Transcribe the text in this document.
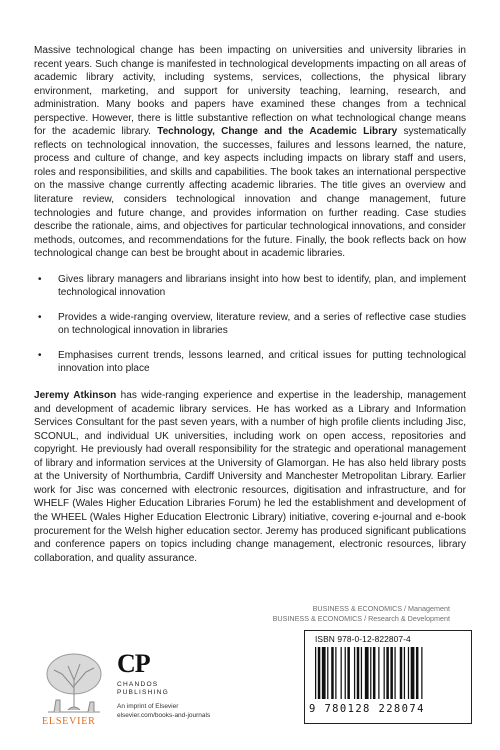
Massive technological change has been impacting on universities and university libraries in recent years. Such change is manifested in technological developments impacting on all areas of academic library activity, including systems, services, collections, the physical library environment, marketing, and support for university teaching, learning, research, and administration. Many books and papers have examined these changes from a technical perspective. However, there is little substantive reflection on what technological change means for the academic library. Technology, Change and the Academic Library systematically reflects on technological innovation, the successes, failures and lessons learned, the nature, process and culture of change, and key aspects including impacts on library staff and users, roles and responsibilities, and skills and capabilities. The book takes an international perspective on the massive change currently affecting academic libraries. The title gives an overview and literature review, considers technological innovation and change management, future technologies and future change, and provides information on further reading. Case studies describe the rationale, aims, and objectives for particular technological innovations, and consider methods, outcomes, and recommendations for the future. Finally, the book reflects back on how technological change can best be brought about in academic libraries.

• Gives library managers and librarians insight into how best to identify, plan, and implement technological innovation
• Provides a wide-ranging overview, literature review, and a series of reflective case studies on technological innovation in libraries
• Emphasises current trends, lessons learned, and critical issues for putting technological innovation into place

Jeremy Atkinson has wide-ranging experience and expertise in the leadership, management and development of academic library services. He has worked as a Library and Information Services Consultant for the past seven years, with a number of high profile clients including Jisc, SCONUL, and individual UK universities, including work on open access, repositories and copyright. He previously had overall responsibility for the strategic and operational management of library and information services at the University of Glamorgan. He has also held library posts at the University of Northumbria, Cardiff University and Manchester Metropolitan Library. Earlier work for Jisc was concerned with electronic resources, digitisation and infrastructure, and for WHELF (Wales Higher Education Libraries Forum) he led the establishment and development of the WHEEL (Wales Higher Education Electronic Library) initiative, covering e-journal and e-book procurement for the Welsh higher education sector. Jeremy has produced significant publications and conference papers on topics including change management, electronic resources, library collaboration, and quality assurance.

BUSINESS & ECONOMICS / Management
BUSINESS & ECONOMICS / Research & Development
ELSEVIER
CP
CHANDOS
PUBLISHING
An imprint of Elsevier
elsevier.com/books-and-journals
ISBN 978-0-12-822807-4
9 780128 228074
